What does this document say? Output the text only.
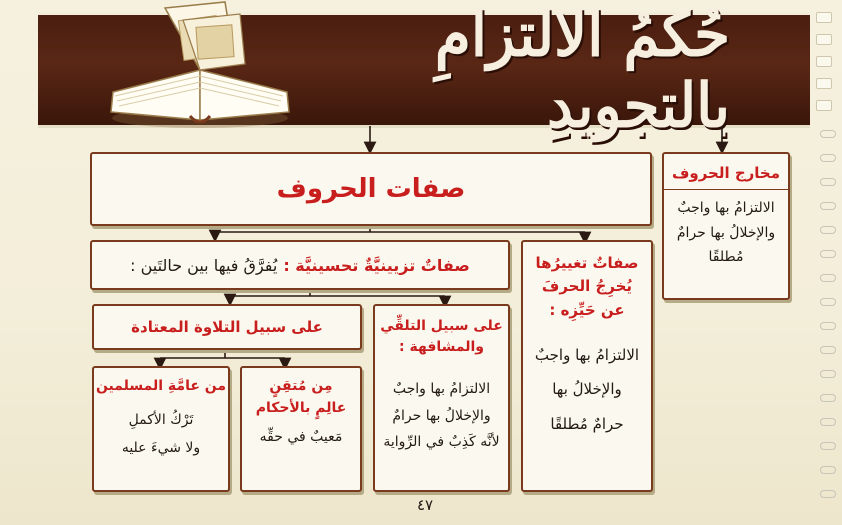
حُكمُ الالتزامِ بالتجويدِ
مخارج الحروف
الالتزامُ بها واجبٌ
والإخلالُ بها حرامٌ
مُطلقًا
صفات الحروف
صفاتٌ تغييرُها
يُخرِجُ الحرفَ
عن حَيِّزِه :
الالتزامُ بها واجبٌ
والإخلالُ بها
حرامٌ مُطلقًا
صفاتٌ تزيينيَّةٌ تحسينيَّة :
يُفرَّقُ فيها بين حالتَين :
على سبيل التلقِّي
والمشافهة :
الالتزامُ بها واجبٌ
والإخلالُ بها حرامٌ
لأنَّه كَذِبٌ في الرِّواية
على سبيل التلاوة المعتادة
مِن مُتقِنٍ
عالِمٍ بالأحكام
مَعيبٌ في حقِّه
من عامَّةِ المسلمين
تَرْكُ الأكملِ
ولا شيءَ عليه
٤٧
